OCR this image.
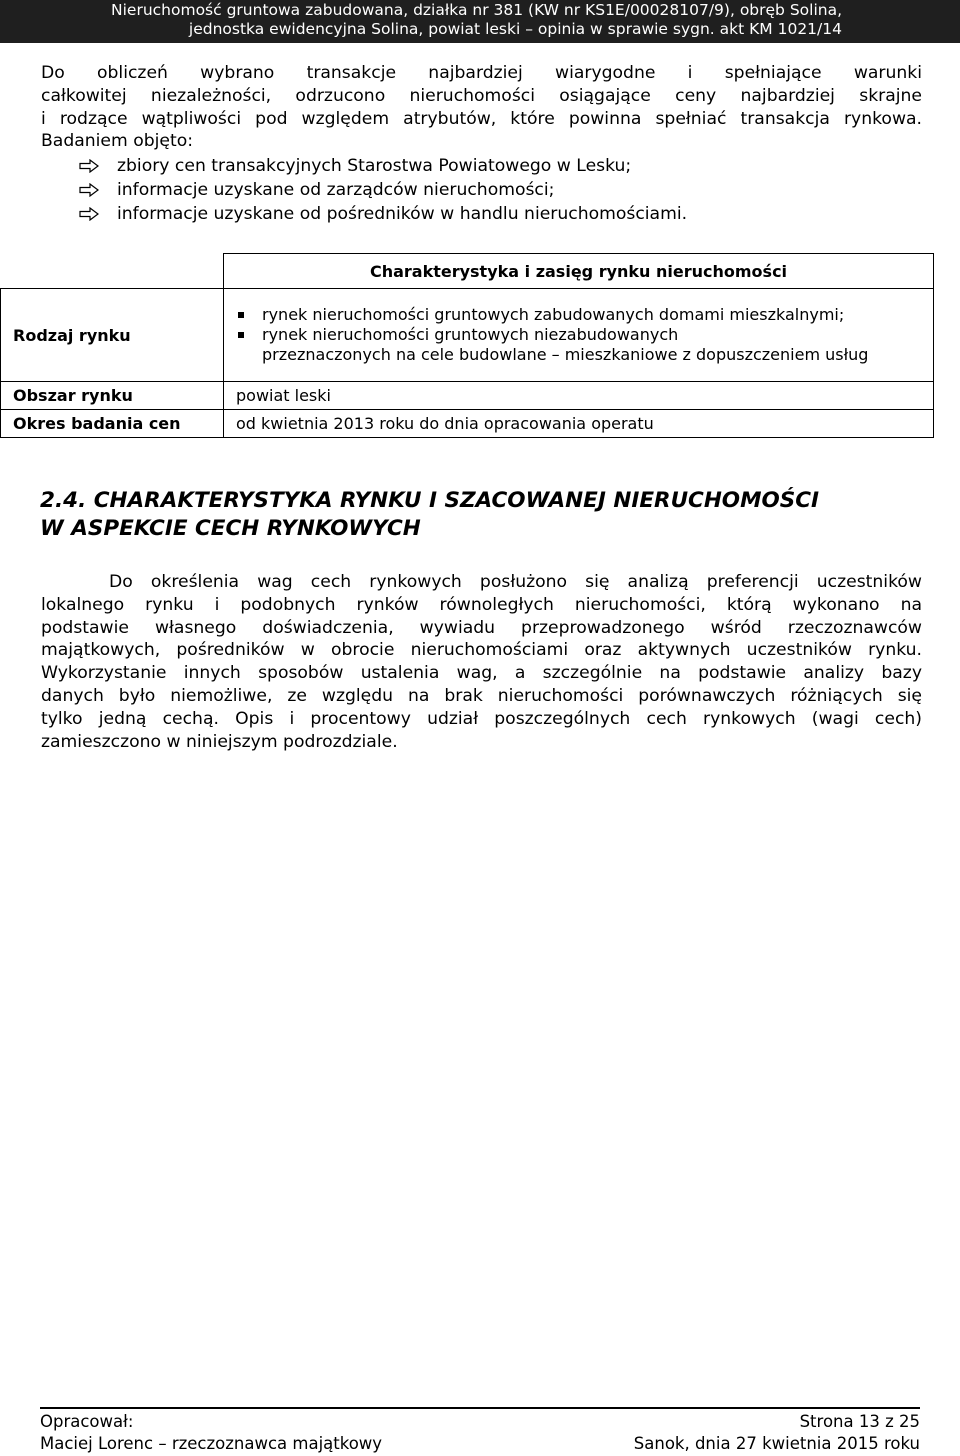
Nieruchomość gruntowa zabudowana, działka nr 381 (KW nr KS1E/00028107/9), obręb Solina,
jednostka ewidencyjna Solina, powiat leski – opinia w sprawie sygn. akt KM 1021/14
Do obliczeń wybrano transakcje najbardziej wiarygodne i spełniające warunki
całkowitej niezależności, odrzucono nieruchomości osiągające ceny najbardziej skrajne
i rodzące wątpliwości pod względem atrybutów, które powinna spełniać transakcja rynkowa.
Badaniem objęto:
zbiory cen transakcyjnych Starostwa Powiatowego w Lesku;
informacje uzyskane od zarządców nieruchomości;
informacje uzyskane od pośredników w handlu nieruchomościami.
	Charakterystyka i zasięg rynku nieruchomości
Rodzaj rynku	rynek nieruchomości gruntowych zabudowanych domami mieszkalnymi;
rynek nieruchomości gruntowych niezabudowanych
przeznaczonych na cele budowlane – mieszkaniowe z dopuszczeniem usług

Obszar rynku	powiat leski
Okres badania cen	od kwietnia 2013 roku do dnia opracowania operatu
2.4. CHARAKTERYSTYKA RYNKU I SZACOWANEJ NIERUCHOMOŚCI
W ASPEKCIE CECH RYNKOWYCH
Do określenia wag cech rynkowych posłużono się analizą preferencji uczestników
lokalnego rynku i podobnych rynków równoległych nieruchomości, którą wykonano na
podstawie własnego doświadczenia, wywiadu przeprowadzonego wśród rzeczoznawców
majątkowych, pośredników w obrocie nieruchomościami oraz aktywnych uczestników rynku.
Wykorzystanie innych sposobów ustalenia wag, a szczególnie na podstawie analizy bazy
danych było niemożliwe, ze względu na brak nieruchomości porównawczych różniących się
tylko jedną cechą. Opis i procentowy udział poszczególnych cech rynkowych (wagi cech)
zamieszczono w niniejszym podrozdziale.
Opracował:	Strona 13 z 25
Maciej Lorenc – rzeczoznawca majątkowy	Sanok, dnia 27 kwietnia 2015 roku
